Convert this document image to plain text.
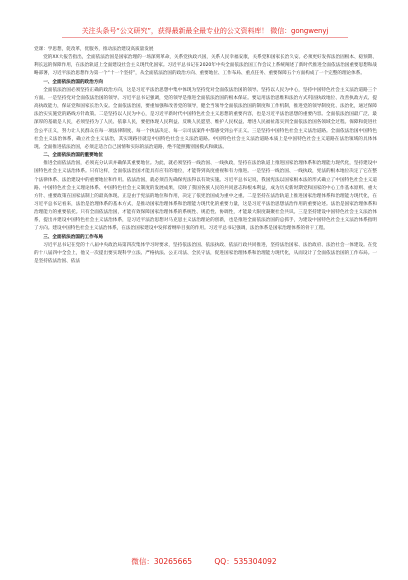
关注头条号“公文研究”，获得最新最全最专业的公文资料库！ 微信：gongwenyj

党课：学思想，促改革，优服务，推动法治建设高质量发展

党的XX大报告指出，全面依法治国是国家治理的一场深刻革命，关系党执政兴国，关系人民幸福安康，关系党和国家长治久安。必须更好发挥法治固根本、稳预期、利长远的保障作用，在法治轨道上全面建设社会主义现代化国家。习近平总书记在2020年中央全面依法治国工作会议上系统阐述了新时代推进全面依法治国重要思想和战略部署，习近平法治思想作为第一个“十一个坚持”，从全面依法治国的政治方向、重要地位、工作布局、重点任务、重要保障五个方面构成了一个完整的理论体系。

一、全面依法治国的政治方向

全面依法治国必须坚持正确的政治方向，这是习近平法治思想中集中体现为坚持党对全面依法治国的领导。坚持以人民为中心，坚持中国特色社会主义法治道路三个方面。一是坚持党对全面依法治国的领导。习近平总书记强调，党的领导是推进全面依法治国的根本保证。要运用法治思维和法治方式巩固执政地位、改善执政方式、提高执政能力，保证党和国家长治久安。全面依法治国，要重加强和改善党的领导，健全当领导全面依法治国的制度和工作机制，推进党的领导制度化、法治化，通过保障法治实实施党的路线方针政策。二是坚持以人民为中心，是习近平新时代中国特色社会主义思想的重要内容，也是习近平法治思想的重要内容。全面依法治国最广泛、最深厚的基础是人民，必须坚持为了人民、依靠人民，要把体现人民利益、反映人民愿望、维护人民权益、增进人民福祉落实到全面依法治国各领域全过程。保障和促进社会公平正义，努力让人民群众在每一项法律制度、每一个执法决定、每一宗司法案件中都感受到公平正义。三是坚持中国特色社会主义法治道路。全面依法治国中国特色社会主义法治体系，确立社会主义法治，其实现路径就是中国特色社会主义法治道路。中国特色社会主义法治道路本质上是中国特色社会主义道路在法治领域的具体体现。全面推进依法治国，必须走适合自己国情和实际的法治道路，绝不能照搬别国模式和做法。

二、全面依法治国的重要地位

推进全面依法治国，必须充分认识并确保其重要地位。为此，就必须坚持一线治国、一线执政，坚持在法治轨道上推进国家治理体系和治理能力现代化，坚持建设中国特色社会主义法治体系。只有这样，全面依法治国才能具有应有的地位，才能得到高度重视和有力推进。一是坚持一线治国、一线执政，宪法的根本地位决定了它在整个法律体系、法治建设中的重要地位和作用。依法治国，就必须首先确保宪法得以有效实施。习近平总书记说，我国宪法以国家根本法的形式确立了中国特色社会主义道路、中国特色社会主义理论体系、中国特色社会主义制度的发展成果，反映了我国各族人民的共同意志和根本利益，成为历史新时期党和国家的中心工作基本原则、重大方针、重要政策在国家法制上的最高体现。正是由于宪法的地位和作用，决定了依宪治国成为重中之重。二是坚持在法治轨道上推进国家治理体系和治理能力现代化，在习近平总书记看来，法治是治理体系的基本方式，是推动国家治理体系和治理能力现代化的重要力量，这是习近平法治思想法治作用的重要论述。法治是国家治理体系和治理能力的重要依托。只有全面依法治国，才能有效保障国家治理体系的系统性、规范性、协调性，才能最大限度凝聚社会共识。三是坚持建设中国特色社会主义法治体系，提出并建设中国特色社会主义法治体系，是习近平法治思想对马克思主义法治理论的创新，也是推进全面依法治国的总抓手，为建设中国特色社会主义法治体系指明了方向。建设中国特色社会主义法治体系，在法治国家建设中发挥着纲举目张的作用。习近平总书记强调，法治体系是国家治理体系的骨干工程。

三、全面依法治国的工作布局

习近平总书记在党的十八届中央政治局第四次集体学习时要求，坚持依法治国、依法执政、依法行政共同推进，坚持法治国家、法治政府、法治社会一体建设。在党的十八届四中全会上，他又一次提出要实现科学立法、严格执法、公正司法、全民守法，促进国家治理体系和治理能力现代化，从而设计了全面依法治国的工作布局。一是坚持依法治国、依法

微信：30265665	QQ：535304092
